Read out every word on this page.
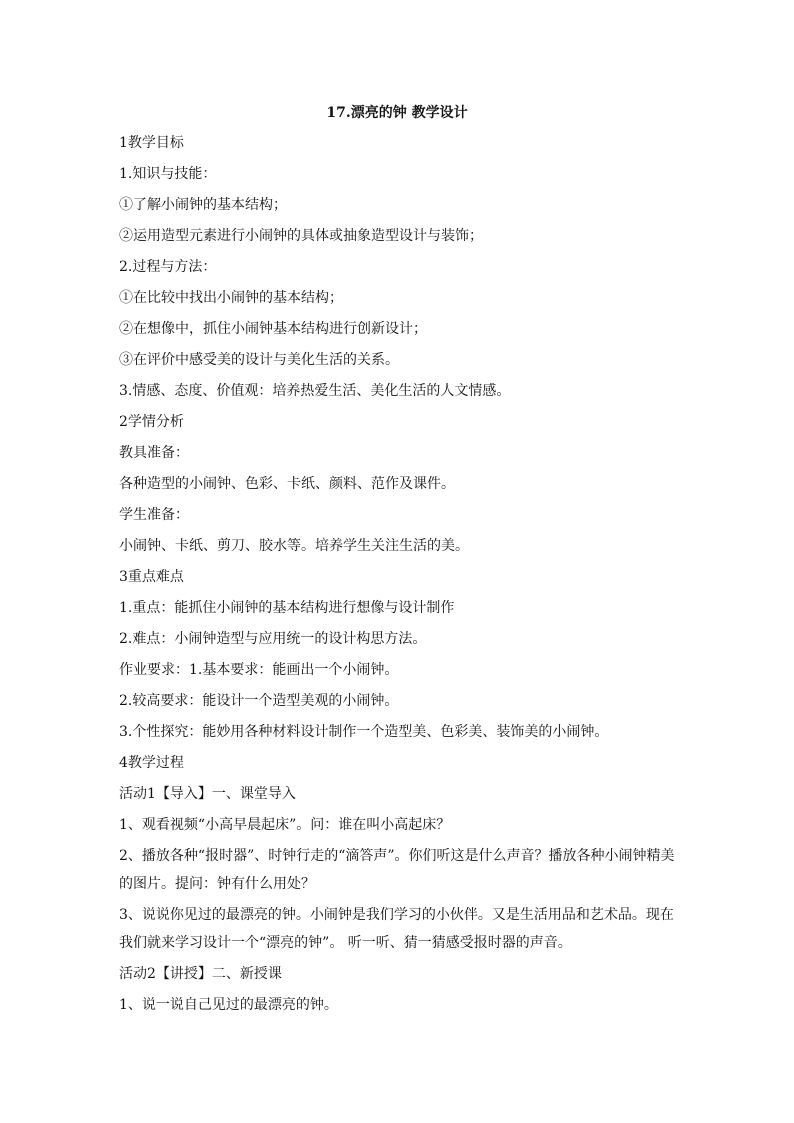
17.漂亮的钟 教学设计

1教学目标

1.知识与技能：

①了解小闹钟的基本结构；

②运用造型元素进行小闹钟的具体或抽象造型设计与装饰；

2.过程与方法：

①在比较中找出小闹钟的基本结构；

②在想像中，抓住小闹钟基本结构进行创新设计；

③在评价中感受美的设计与美化生活的关系。

3.情感、态度、价值观：培养热爱生活、美化生活的人文情感。

2学情分析

教具准备：

各种造型的小闹钟、色彩、卡纸、颜料、范作及课件。

学生准备：

小闹钟、卡纸、剪刀、胶水等。培养学生关注生活的美。

3重点难点

1.重点：能抓住小闹钟的基本结构进行想像与设计制作

2.难点：小闹钟造型与应用统一的设计构思方法。

作业要求：1.基本要求：能画出一个小闹钟。

2.较高要求：能设计一个造型美观的小闹钟。

3.个性探究：能妙用各种材料设计制作一个造型美、色彩美、装饰美的小闹钟。

4教学过程

活动1【导入】一、课堂导入

1、观看视频“小高早晨起床”。问：谁在叫小高起床？

2、播放各种“报时器”、时钟行走的“滴答声”。你们听这是什么声音？播放各种小闹钟精美

的图片。提问：钟有什么用处？

3、说说你见过的最漂亮的钟。小闹钟是我们学习的小伙伴。又是生活用品和艺术品。现在

我们就来学习设计一个“漂亮的钟”。 听一听、猜一猜感受报时器的声音。

活动2【讲授】二、新授课

1、说一说自己见过的最漂亮的钟。
